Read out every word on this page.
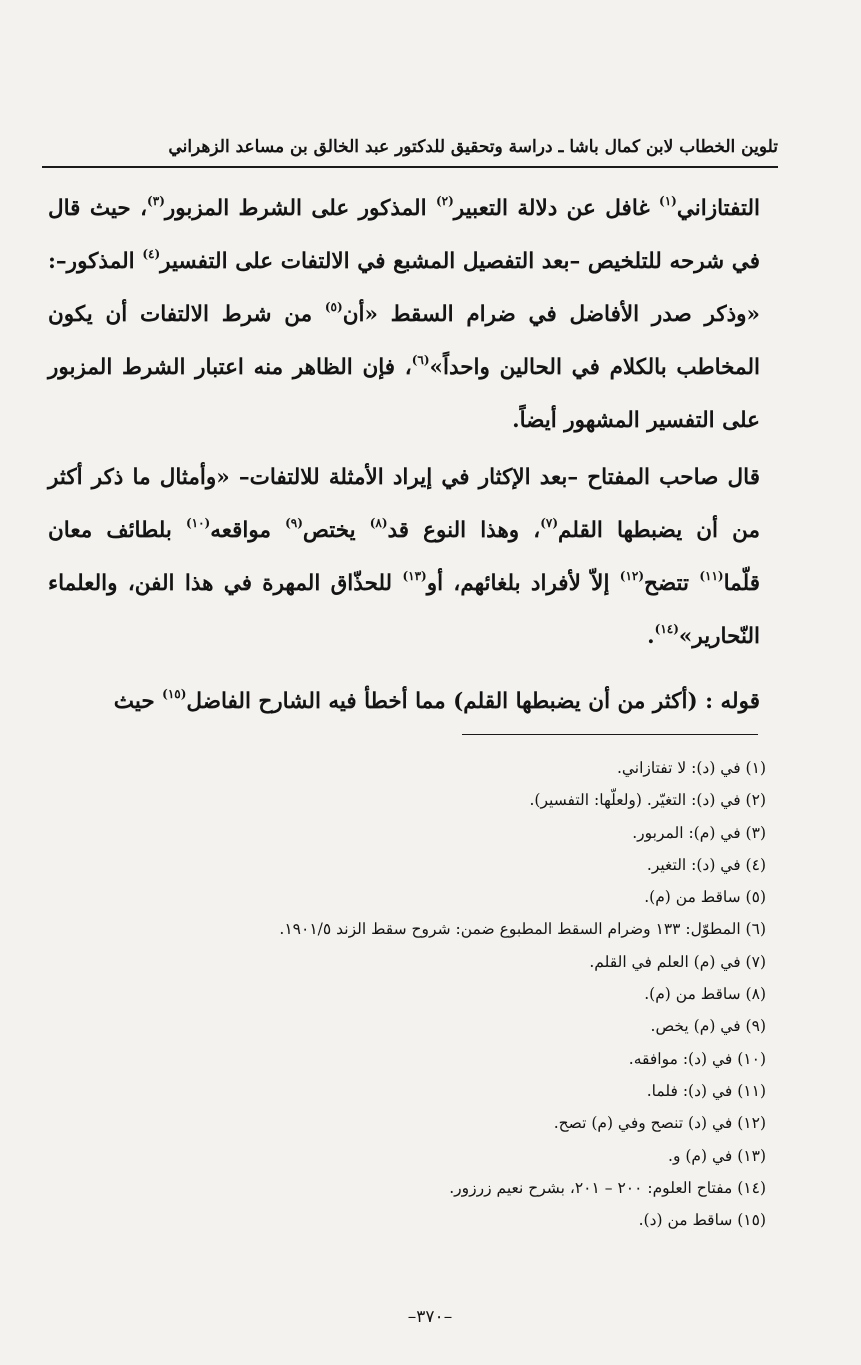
تلوين الخطاب لابن كمال باشا ـ دراسة وتحقيق للدكتور عبد الخالق بن مساعد الزهراني

التفتازاني$^{(١)}$ غافل عن دلالة التعبير$^{(٢)}$ المذكور على الشرط المزبور$^{(٣)}$، حيث قال في شرحه للتلخيص –بعد التفصيل المشبع في الالتفات على التفسير$^{(٤)}$ المذكور–: «وذكر صدر الأفاضل في ضرام السقط «أن$^{(٥)}$ من شرط الالتفات أن يكون المخاطب بالكلام في الحالين واحداً»$^{(٦)}$، فإن الظاهر منه اعتبار الشرط المزبور على التفسير المشهور أيضاً.

قال صاحب المفتاح –بعد الإكثار في إيراد الأمثلة للالتفات– «وأمثال ما ذكر أكثر من أن يضبطها القلم$^{(٧)}$، وهذا النوع قد$^{(٨)}$ يختص$^{(٩)}$ مواقعه$^{(١٠)}$ بلطائف معان قلّما$^{(١١)}$ تتضح$^{(١٢)}$ إلاّ لأفراد بلغائهم، أو$^{(١٣)}$ للحذّاق المهرة في هذا الفن، والعلماء النّحارير»$^{(١٤)}$.

قوله : (أكثر من أن يضبطها القلم) مما أخطأ فيه الشارح الفاضل$^{(١٥)}$ حيث

(١) في (د): لا تفتازاني.
(٢) في (د): التغيّر. (ولعلّها: التفسير).
(٣) في (م): المربور.
(٤) في (د): التغير.
(٥) ساقط من (م).
(٦) المطوّل: ١٣٣ وضرام السقط المطبوع ضمن: شروح سقط الزند ١٩٠١/٥.
(٧) في (م) العلم في القلم.
(٨) ساقط من (م).
(٩) في (م) يخص.
(١٠) في (د): موافقه.
(١١) في (د): فلما.
(١٢) في (د) تنصح وفي (م) تصح.
(١٣) في (م) و.
(١٤) مفتاح العلوم: ٢٠٠ – ٢٠١، بشرح نعيم زرزور.
(١٥) ساقط من (د).
–٣٧٠–
